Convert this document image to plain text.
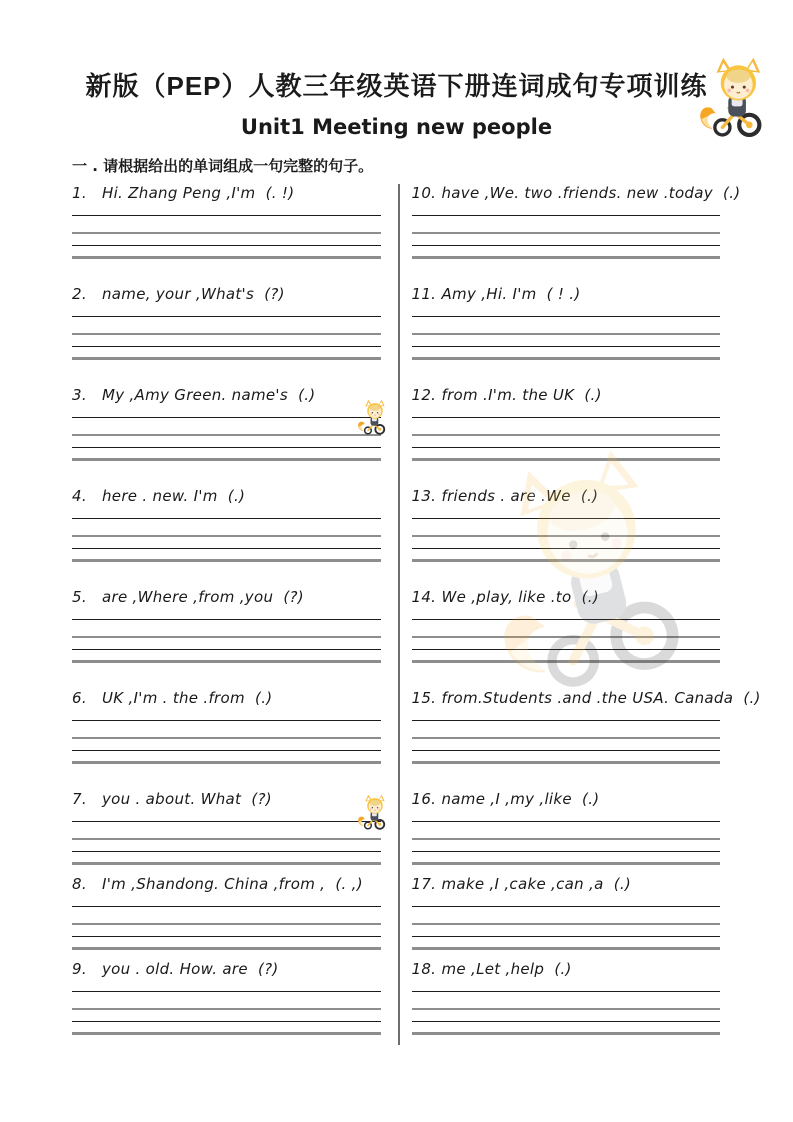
新版（PEP）人教三年级英语下册连词成句专项训练
Unit1 Meeting new people
一 . 请根据给出的单词组成一句完整的句子。
1.	Hi. Zhang Peng ,I'm  (. !)
2.	name, your ,What's  (?)
3.	My ,Amy Green. name's  (.)
4.	here . new. I'm  (.)
5.	are ,Where ,from ,you  (?)
6.	UK ,I'm . the .from  (.)
7.	you . about. What  (?)
8.	I'm ,Shandong. China ,from ,  (. ,)
9.	you . old. How. are  (?)
10. have ,We. two .friends. new .today  (.)
11. Amy ,Hi. I'm  ( ! .)
12. from .I'm. the UK  (.)
13. friends . are .We  (.)
14. We ,play, like .to  (.)
15. from.Students .and .the USA. Canada  (.)
16. name ,I ,my ,like  (.)
17. make ,I ,cake ,can ,a  (.)
18. me ,Let ,help  (.)
